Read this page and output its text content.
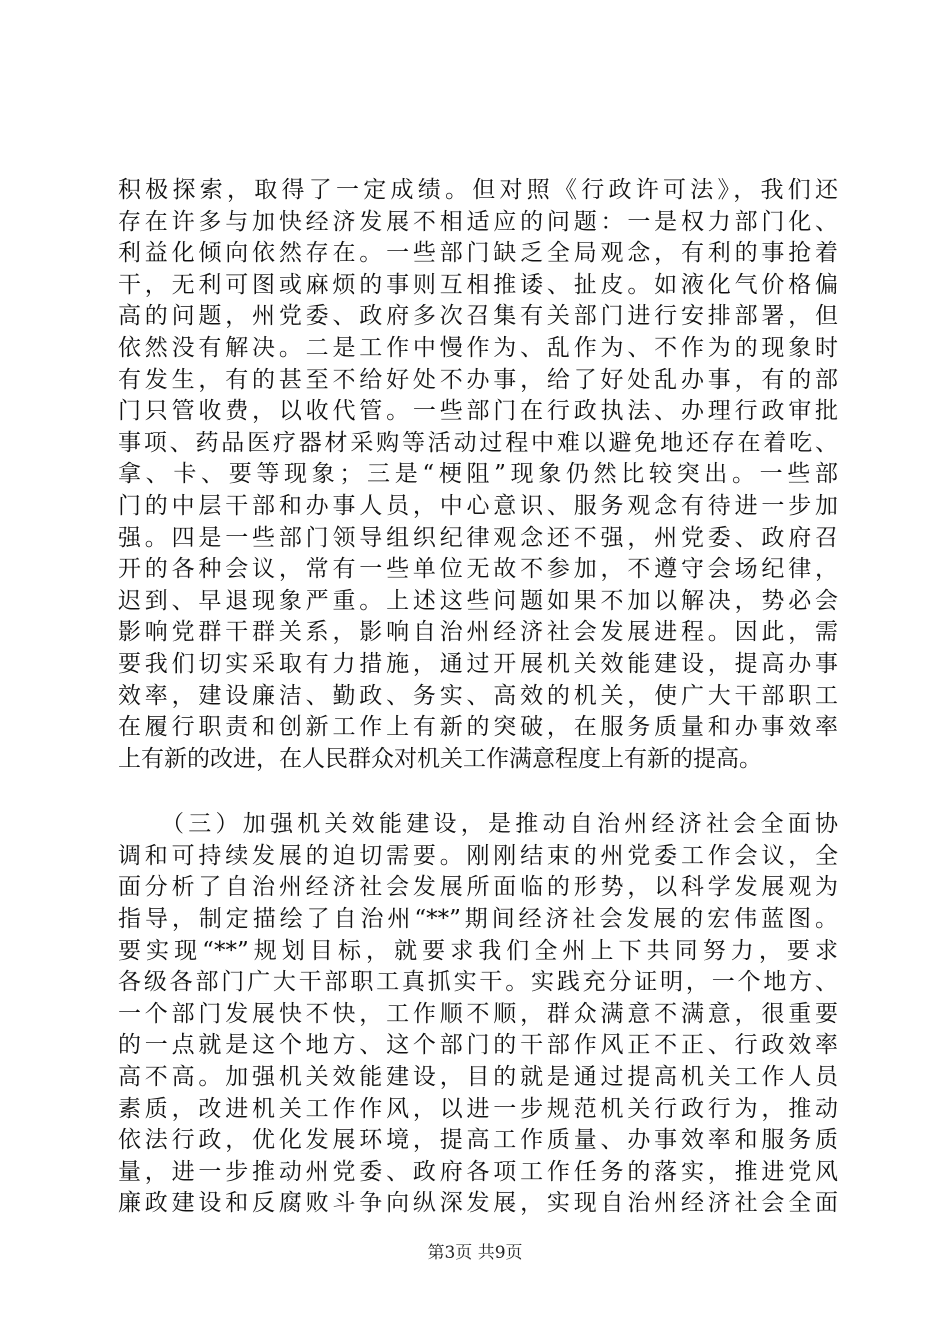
积极探索，取得了一定成绩。但对照《行政许可法》，我们还
存在许多与加快经济发展不相适应的问题：一是权力部门化、
利益化倾向依然存在。一些部门缺乏全局观念，有利的事抢着
干，无利可图或麻烦的事则互相推诿、扯皮。如液化气价格偏
高的问题，州党委、政府多次召集有关部门进行安排部署，但
依然没有解决。二是工作中慢作为、乱作为、不作为的现象时
有发生，有的甚至不给好处不办事，给了好处乱办事，有的部
门只管收费，以收代管。一些部门在行政执法、办理行政审批
事项、药品医疗器材采购等活动过程中难以避免地还存在着吃、
拿、卡、要等现象；三是“梗阻”现象仍然比较突出。一些部
门的中层干部和办事人员，中心意识、服务观念有待进一步加
强。四是一些部门领导组织纪律观念还不强，州党委、政府召
开的各种会议，常有一些单位无故不参加，不遵守会场纪律，
迟到、早退现象严重。上述这些问题如果不加以解决，势必会
影响党群干群关系，影响自治州经济社会发展进程。因此，需
要我们切实采取有力措施，通过开展机关效能建设，提高办事
效率，建设廉洁、勤政、务实、高效的机关，使广大干部职工
在履行职责和创新工作上有新的突破，在服务质量和办事效率
上有新的改进，在人民群众对机关工作满意程度上有新的提高。
　　（三）加强机关效能建设，是推动自治州经济社会全面协
调和可持续发展的迫切需要。刚刚结束的州党委工作会议，全
面分析了自治州经济社会发展所面临的形势，以科学发展观为
指导，制定描绘了自治州“**”期间经济社会发展的宏伟蓝图。
要实现“**”规划目标，就要求我们全州上下共同努力，要求
各级各部门广大干部职工真抓实干。实践充分证明，一个地方、
一个部门发展快不快，工作顺不顺，群众满意不满意，很重要
的一点就是这个地方、这个部门的干部作风正不正、行政效率
高不高。加强机关效能建设，目的就是通过提高机关工作人员
素质，改进机关工作作风，以进一步规范机关行政行为，推动
依法行政，优化发展环境，提高工作质量、办事效率和服务质
量，进一步推动州党委、政府各项工作任务的落实，推进党风
廉政建设和反腐败斗争向纵深发展，实现自治州经济社会全面
第3页 共9页
